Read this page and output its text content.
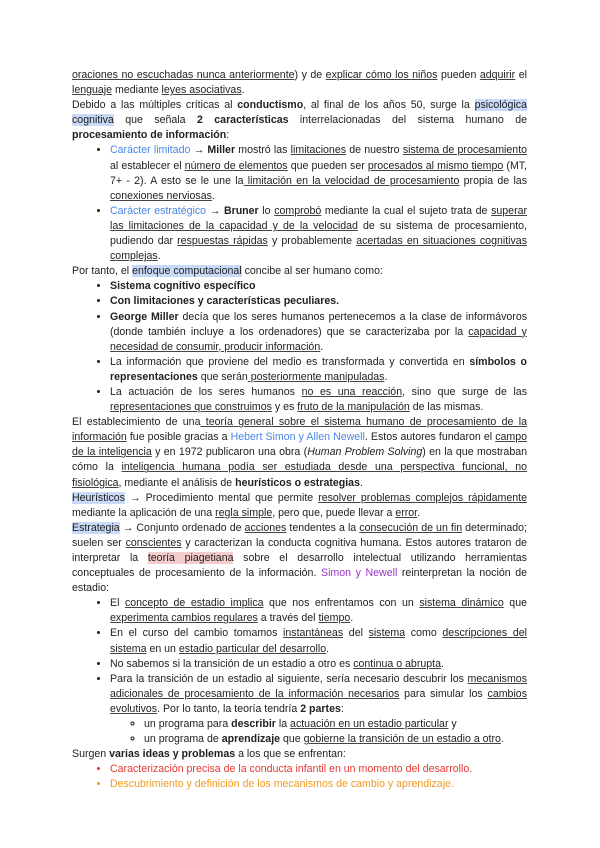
oraciones no escuchadas nunca anteriormente) y de explicar cómo los niños pueden adquirir el lenguaje mediante leyes asociativas.

Debido a las múltiples críticas al conductismo, al final de los años 50, surge la psicológica cognitiva que señala 2 características interrelacionadas del sistema humano de procesamiento de información:

• Carácter limitado → Miller mostró las limitaciones de nuestro sistema de procesamiento al establecer el número de elementos que pueden ser procesados al mismo tiempo (MT, 7+ - 2). A esto se le une la limitación en la velocidad de procesamiento propia de las conexiones nerviosas.
• Carácter estratégico → Bruner lo comprobó mediante la cual el sujeto trata de superar las limitaciones de la capacidad y de la velocidad de su sistema de procesamiento, pudiendo dar respuestas rápidas y probablemente acertadas en situaciones cognitivas complejas.

Por tanto, el enfoque computacional concibe al ser humano como:

• Sistema cognitivo específico
• Con limitaciones y características peculiares.
• George Miller decía que los seres humanos pertenecemos a la clase de informávoros (donde también incluye a los ordenadores) que se caracterizaba por la capacidad y necesidad de consumir, producir información.
• La información que proviene del medio es transformada y convertida en símbolos o representaciones que serán posteriormente manipuladas.
• La actuación de los seres humanos no es una reacción, sino que surge de las representaciones que construimos y es fruto de la manipulación de las mismas.

El establecimiento de una teoría general sobre el sistema humano de procesamiento de la información fue posible gracias a Hebert Simon y Allen Newell. Estos autores fundaron el campo de la inteligencia y en 1972 publicaron una obra (Human Problem Solving) en la que mostraban cómo la inteligencia humana podía ser estudiada desde una perspectiva funcional, no fisiológica, mediante el análisis de heurísticos o estrategias.

Heurísticos → Procedimiento mental que permite resolver problemas complejos rápidamente mediante la aplicación de una regla simple, pero que, puede llevar a error.

Estrategia → Conjunto ordenado de acciones tendentes a la consecución de un fin determinado; suelen ser conscientes y caracterizan la conducta cognitiva humana. Estos autores trataron de interpretar la teoría piagetiana sobre el desarrollo intelectual utilizando herramientas conceptuales de procesamiento de la información. Simon y Newell reinterpretan la noción de estadio:

• El concepto de estadio implica que nos enfrentamos con un sistema dinámico que experimenta cambios regulares a través del tiempo.
• En el curso del cambio tomamos instantáneas del sistema como descripciones del sistema en un estadio particular del desarrollo.
• No sabemos si la transición de un estadio a otro es continua o abrupta.
• Para la transición de un estadio al siguiente, sería necesario descubrir los mecanismos adicionales de procesamiento de la información necesarios para simular los cambios evolutivos. Por lo tanto, la teoría tendría 2 partes:
◦ un programa para describir la actuación en un estadio particular y
◦ un programa de aprendizaje que gobierne la transición de un estadio a otro.

Surgen varias ideas y problemas a los que se enfrentan:

• Caracterización precisa de la conducta infantil en un momento del desarrollo.
• Descubrimiento y definición de los mecanismos de cambio y aprendizaje.
